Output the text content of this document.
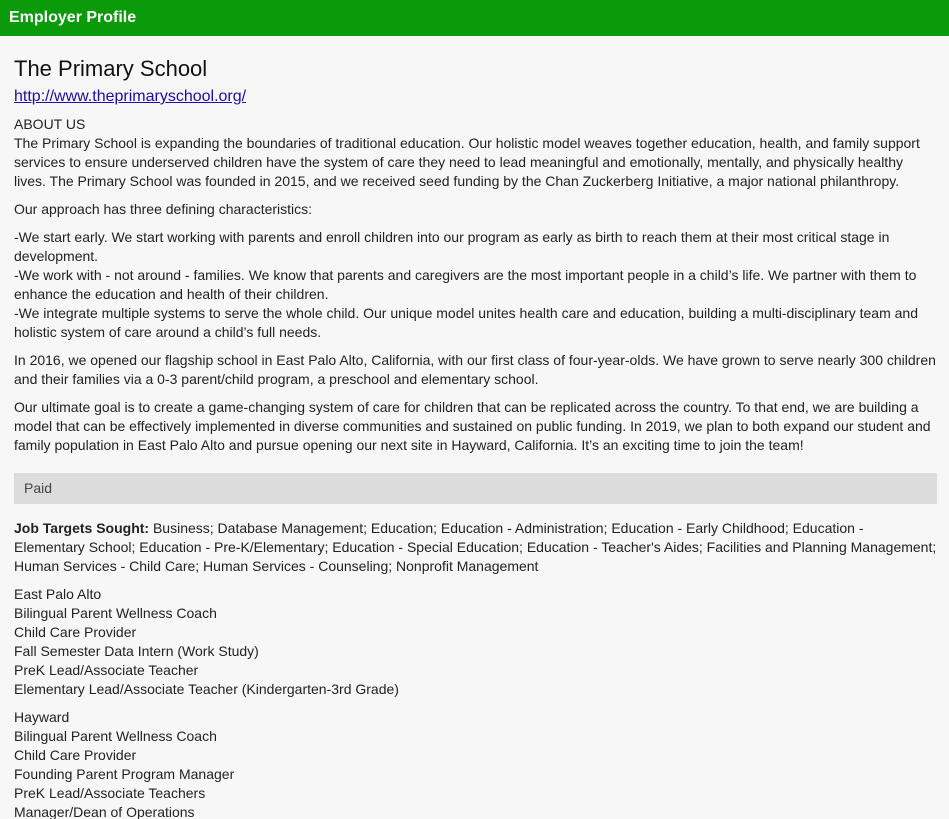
Employer Profile
The Primary School
http://www.theprimaryschool.org/
ABOUT US

The Primary School is expanding the boundaries of traditional education. Our holistic model weaves together education, health, and family support services to ensure underserved children have the system of care they need to lead meaningful and emotionally, mentally, and physically healthy lives. The Primary School was founded in 2015, and we received seed funding by the Chan Zuckerberg Initiative, a major national philanthropy.

Our approach has three defining characteristics:

-We start early. We start working with parents and enroll children into our program as early as birth to reach them at their most critical stage in development.

-We work with - not around - families. We know that parents and caregivers are the most important people in a child’s life. We partner with them to enhance the education and health of their children.

-We integrate multiple systems to serve the whole child. Our unique model unites health care and education, building a multi-disciplinary team and holistic system of care around a child’s full needs.

In 2016, we opened our flagship school in East Palo Alto, California, with our first class of four-year-olds. We have grown to serve nearly 300 children and their families via a 0-3 parent/child program, a preschool and elementary school.

Our ultimate goal is to create a game-changing system of care for children that can be replicated across the country. To that end, we are building a model that can be effectively implemented in diverse communities and sustained on public funding. In 2019, we plan to both expand our student and family population in East Palo Alto and pursue opening our next site in Hayward, California. It’s an exciting time to join the team!

Paid

Job Targets Sought: Business; Database Management; Education; Education - Administration; Education - Early Childhood; Education - Elementary School; Education - Pre-K/Elementary; Education - Special Education; Education - Teacher's Aides; Facilities and Planning Management; Human Services - Child Care; Human Services - Counseling; Nonprofit Management

East Palo Alto
Bilingual Parent Wellness Coach
Child Care Provider
Fall Semester Data Intern (Work Study)
PreK Lead/Associate Teacher
Elementary Lead/Associate Teacher (Kindergarten-3rd Grade)
Hayward
Bilingual Parent Wellness Coach
Child Care Provider
Founding Parent Program Manager
PreK Lead/Associate Teachers
Manager/Dean of Operations
